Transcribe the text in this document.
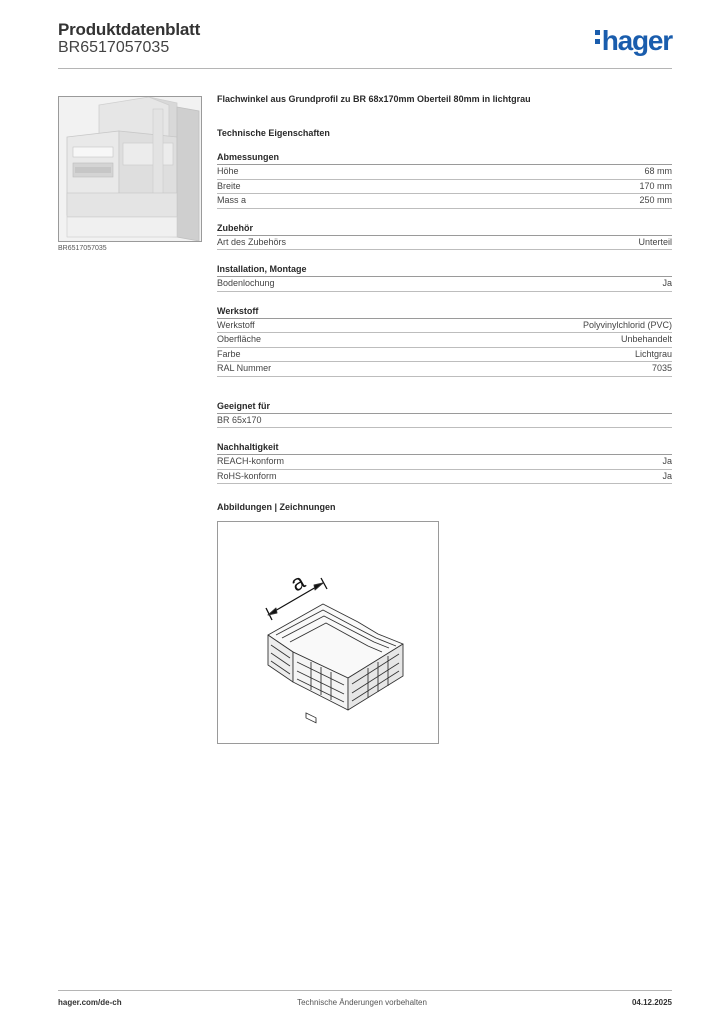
Produktdatenblatt
BR6517057035	hager
BR6517057035
Flachwinkel aus Grundprofil zu BR 68x170mm Oberteil 80mm in lichtgrau
Technische Eigenschaften
Abmessungen
Höhe	68 mm
Breite	170 mm
Mass a	250 mm
Zubehör
Art des Zubehörs	Unterteil
Installation, Montage
Bodenlochung	Ja
Werkstoff
Werkstoff	Polyvinylchlorid (PVC)
Oberfläche	Unbehandelt
Farbe	Lichtgrau
RAL Nummer	7035
Geeignet für
BR 65x170
Nachhaltigkeit
REACH-konform	Ja
RoHS-konform	Ja
Abbildungen | Zeichnungen
a
hager.com/de-ch	Technische Änderungen vorbehalten	04.12.2025
